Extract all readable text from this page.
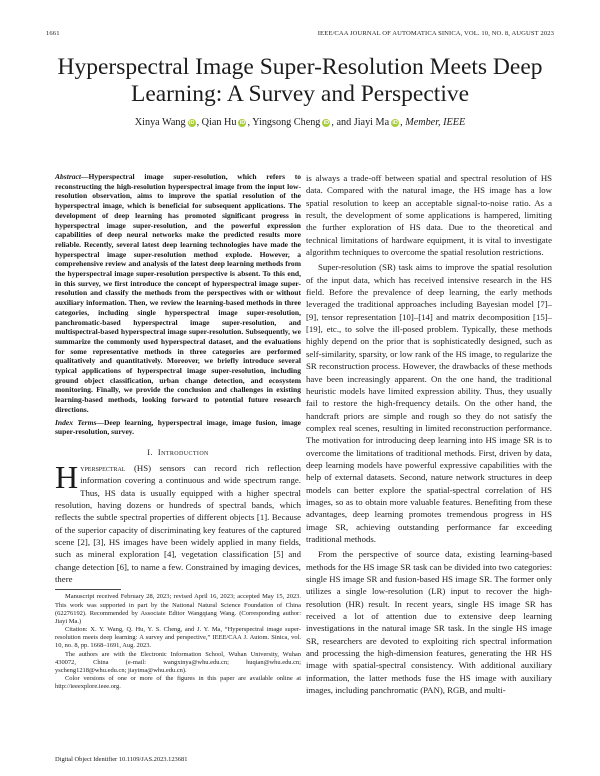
1661	IEEE/CAA JOURNAL OF AUTOMATICA SINICA, VOL. 10, NO. 8, AUGUST 2023
Hyperspectral Image Super-Resolution Meets Deep Learning: A Survey and Perspective
Xinya Wang iD , Qian Hu iD , Yingsong Cheng iD , and Jiayi Ma iD , Member, IEEE
Abstract—Hyperspectral image super-resolution, which refers to reconstructing the high-resolution hyperspectral image from the input low-resolution observation, aims to improve the spatial resolution of the hyperspectral image, which is beneficial for subsequent applications. The development of deep learning has promoted significant progress in hyperspectral image super-resolution, and the powerful expression capabilities of deep neural networks make the predicted results more reliable. Recently, several latest deep learning technologies have made the hyperspectral image super-resolution method explode. However, a comprehensive review and analysis of the latest deep learning methods from the hyperspectral image super-resolution perspective is absent. To this end, in this survey, we first introduce the concept of hyperspectral image super-resolution and classify the methods from the perspectives with or without auxiliary information. Then, we review the learning-based methods in three categories, including single hyperspectral image super-resolution, panchromatic-based hyperspectral image super-resolution, and multispectral-based hyperspectral image super-resolution. Subsequently, we summarize the commonly used hyperspectral dataset, and the evaluations for some representative methods in three categories are performed qualitatively and quantitatively. Moreover, we briefly introduce several typical applications of hyperspectral image super-resolution, including ground object classification, urban change detection, and ecosystem monitoring. Finally, we provide the conclusion and challenges in existing learning-based methods, looking forward to potential future research directions.
Index Terms—Deep learning, hyperspectral image, image fusion, image super-resolution, survey.
I. Introduction

Hyperspectral (HS) sensors can record rich reflection information covering a continuous and wide spectrum range. Thus, HS data is usually equipped with a higher spectral resolution, having dozens or hundreds of spectral bands, which reflects the subtle spectral properties of different objects [1]. Because of the superior capacity of discriminating key features of the captured scene [2], [3], HS images have been widely applied in many fields, such as mineral exploration [4], vegetation classification [5] and change detection [6], to name a few. Constrained by imaging devices, there

Manuscript received February 28, 2023; revised April 16, 2023; accepted May 15, 2023. This work was supported in part by the National Natural Science Foundation of China (62276192). Recommended by Associate Editor Wangqiang Wang. (Corresponding author: Jiayi Ma.)

Citation: X. Y. Wang, Q. Hu, Y. S. Cheng, and J. Y. Ma, “Hyperspectral image super-resolution meets deep learning: A survey and perspective,” IEEE/CAA J. Autom. Sinica, vol. 10, no. 8, pp. 1668–1691, Aug. 2023.

The authors are with the Electronic Information School, Wuhan University, Wuhan 430072, China (e-mail: wangxinya@whu.edu.cn; huqian@whu.edu.cn; yscheng1218@whu.edu.cn; jiayima@whu.edu.cn).

Color versions of one or more of the figures in this paper are available online at http://ieeexplore.ieee.org.

Digital Object Identifier 10.1109/JAS.2023.123681

is always a trade-off between spatial and spectral resolution of HS data. Compared with the natural image, the HS image has a low spatial resolution to keep an acceptable signal-to-noise ratio. As a result, the development of some applications is hampered, limiting the further exploration of HS data. Due to the theoretical and technical limitations of hardware equipment, it is vital to investigate algorithm techniques to overcome the spatial resolution restrictions.

Super-resolution (SR) task aims to improve the spatial resolution of the input data, which has received intensive research in the HS field. Before the prevalence of deep learning, the early methods leveraged the traditional approaches including Bayesian model [7]–[9], tensor representation [10]–[14] and matrix decomposition [15]–[19], etc., to solve the ill-posed problem. Typically, these methods highly depend on the prior that is sophisticatedly designed, such as self-similarity, sparsity, or low rank of the HS image, to regularize the SR reconstruction process. However, the drawbacks of these methods have been increasingly apparent. On the one hand, the traditional heuristic models have limited expression ability. Thus, they usually fail to restore the high-frequency details. On the other hand, the handcraft priors are simple and rough so they do not satisfy the complex real scenes, resulting in limited reconstruction performance. The motivation for introducing deep learning into HS image SR is to overcome the limitations of traditional methods. First, driven by data, deep learning models have powerful expressive capabilities with the help of external datasets. Second, nature network structures in deep models can better explore the spatial-spectral correlation of HS images, so as to obtain more valuable features. Benefiting from these advantages, deep learning promotes tremendous progress in HS image SR, achieving outstanding performance far exceeding traditional methods.

From the perspective of source data, existing learning-based methods for the HS image SR task can be divided into two categories: single HS image SR and fusion-based HS image SR. The former only utilizes a single low-resolution (LR) input to recover the high-resolution (HR) result. In recent years, single HS image SR has received a lot of attention due to extensive deep learning investigations in the natural image SR task. In the single HS image SR, researchers are devoted to exploiting rich spectral information and processing the high-dimension features, generating the HR HS image with spatial-spectral consistency. With additional auxiliary information, the latter methods fuse the HS image with auxiliary images, including panchromatic (PAN), RGB, and multi-
